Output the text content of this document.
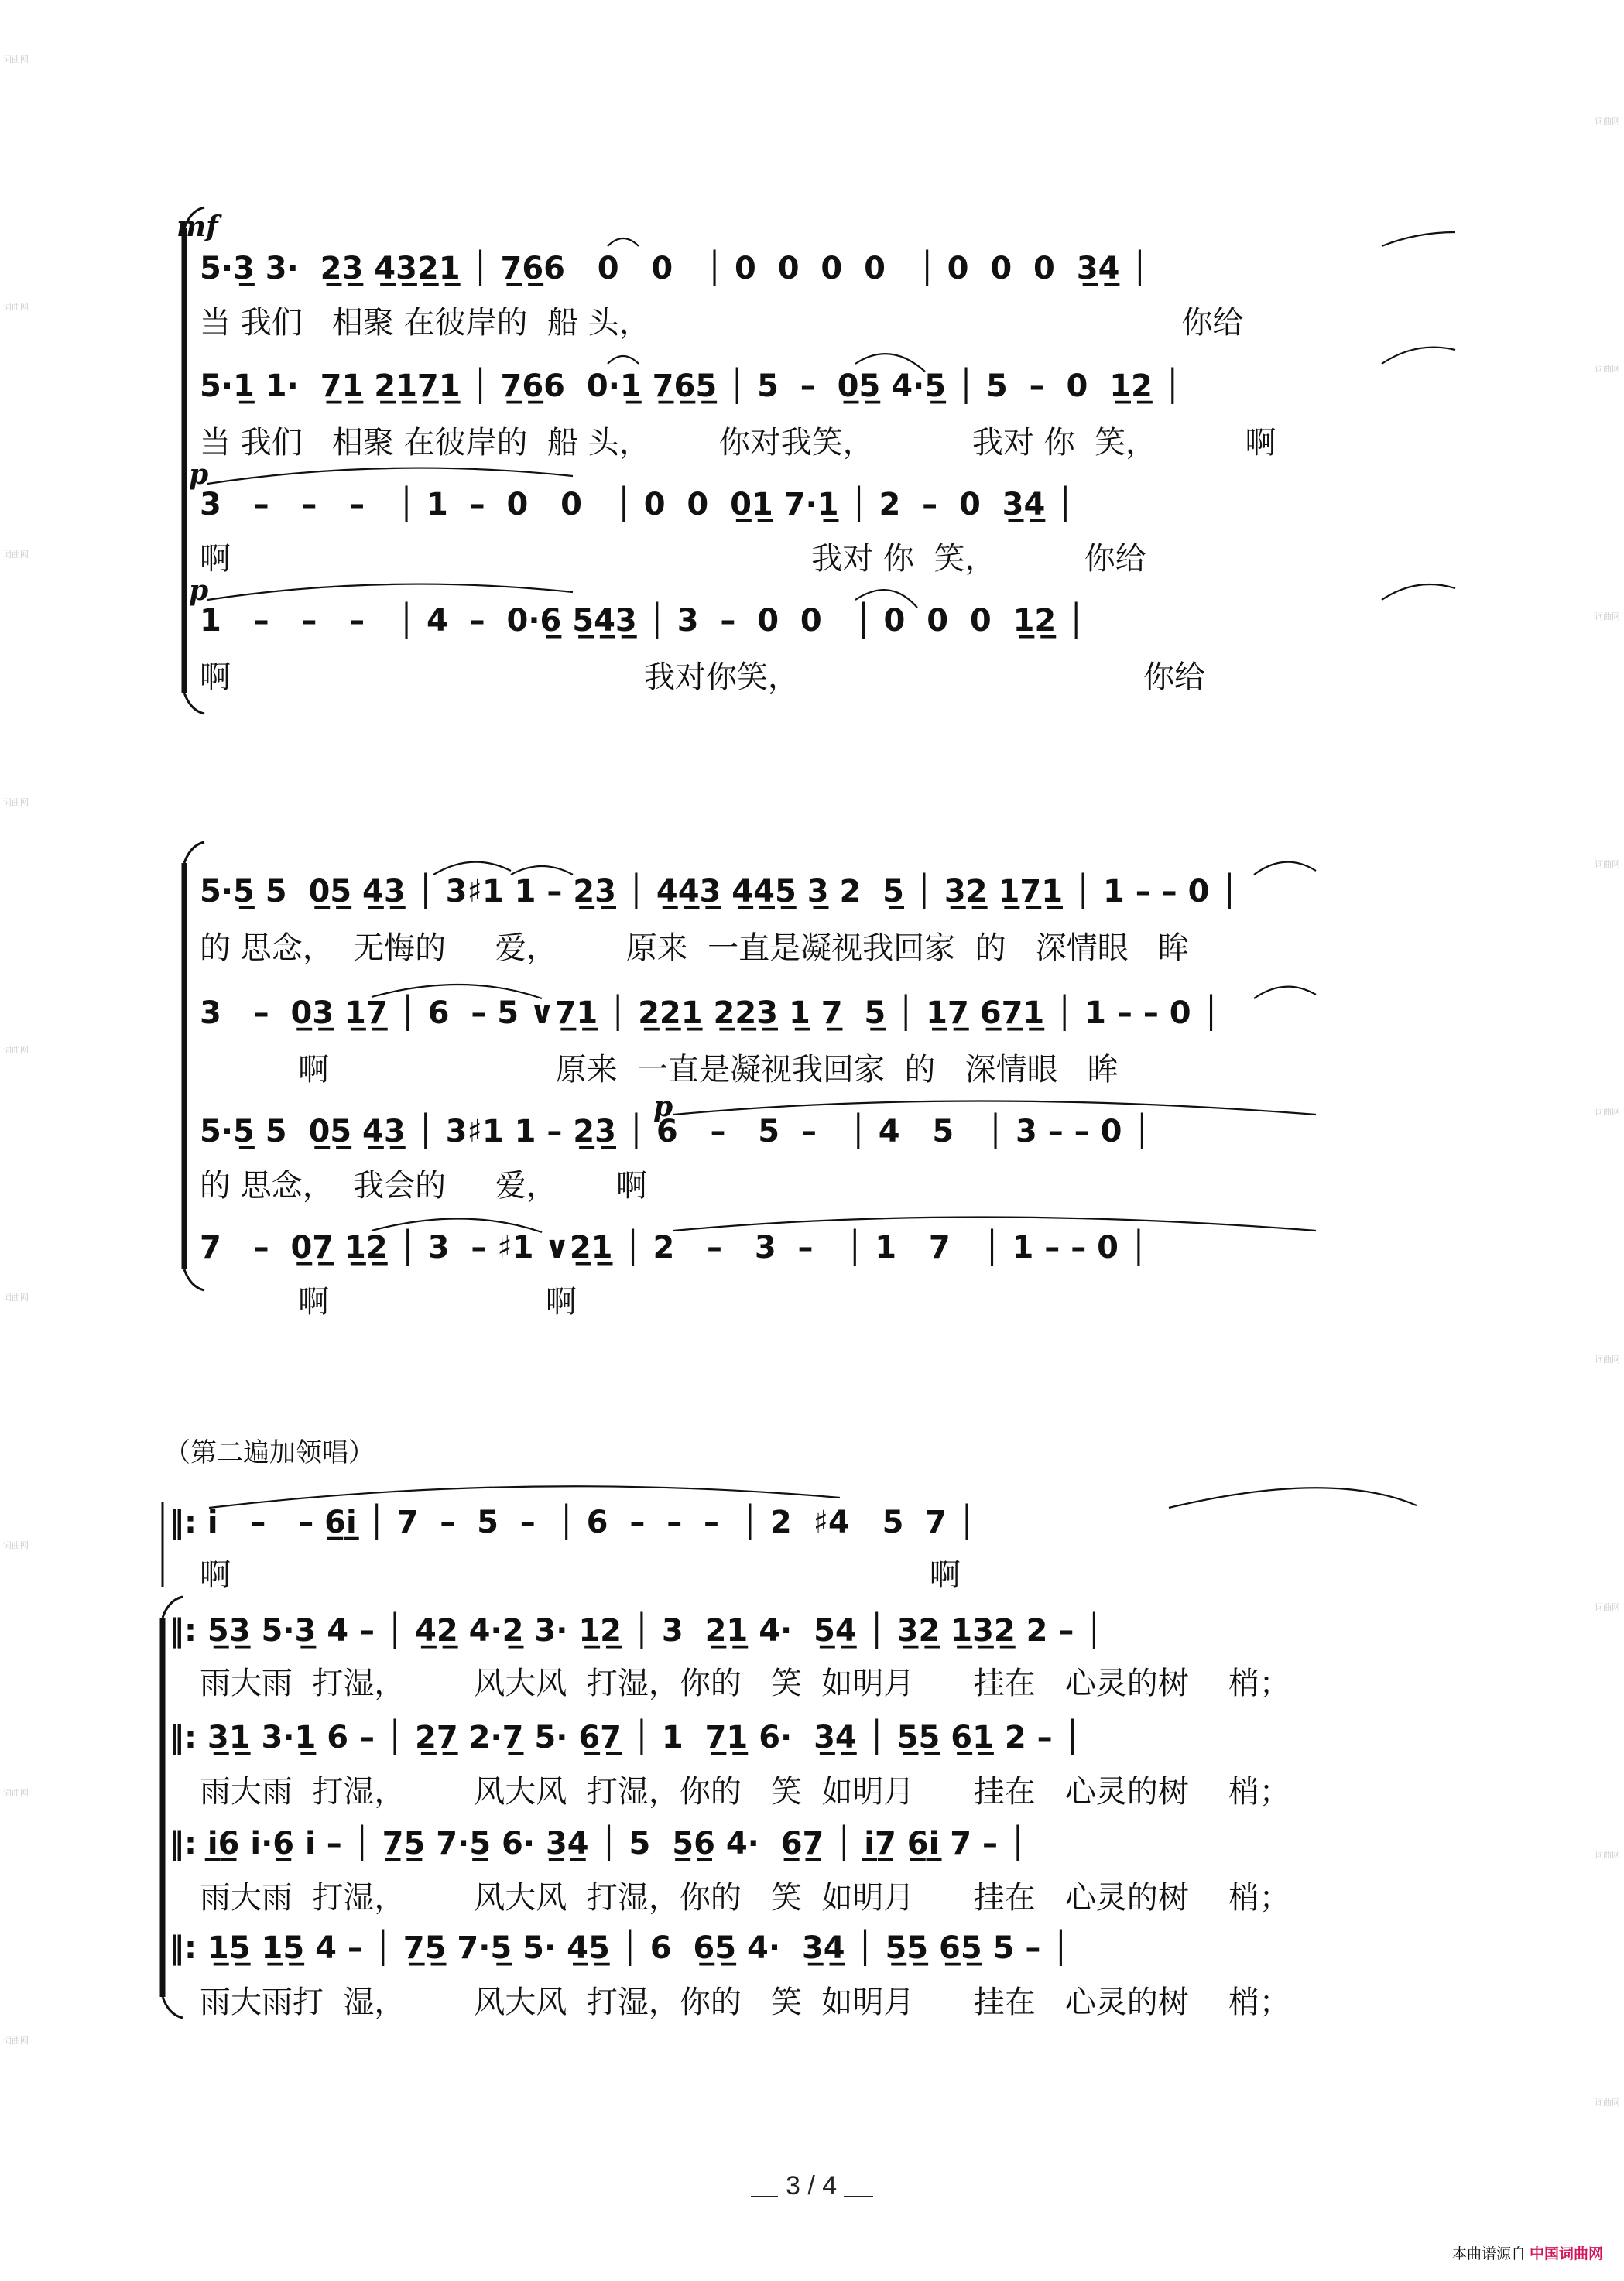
词曲网
词曲网
词曲网
词曲网
词曲网
词曲网
词曲网
词曲网
词曲网
词曲网
词曲网
词曲网
词曲网
词曲网
词曲网
词曲网
词曲网
词曲网
mf
5·3̲ 3·  2̲3̲ 4̲3̲2̲1̲ │ 7̲6̲6   0   0   │ 0  0  0  0   │ 0  0  0  3̲4̲ │
当 我们   相聚 在彼岸的  船 头，                                                      你给
5·1̲ 1·  7̲1̲ 2̲1̲7̲1̲ │ 7̲6̲6  0·1̲ 7̲6̲5̲ │ 5  –  0̲5̲ 4·5̲ │ 5  –  0  1̲2̲ │
当 我们   相聚 在彼岸的  船 头，       你对我笑，          我对 你  笑，         啊
p
3   –   –   –   │ 1  –  0   0   │ 0  0  0̲1̲ 7·1̲ │ 2  –  0  3̲4̲ │
啊                                                           我对 你  笑，         你给
p
1   –   –   –   │ 4  –  0·6̲ 5̲4̲3̲ │ 3  –  0  0   │ 0  0  0  1̲2̲ │
啊                                          我对你笑，                                   你给
5·5̲ 5  0̲5̲ 4̲3̲ │ 3♯1 1 – 2̲3̲ │ 4̲4̲3̲ 4̲4̲5̲ 3̲ 2  5̲ │ 3̲2̲ 1̲7̲1̲ │ 1 – – 0 │
的 思念，  无悔的     爱，       原来  一直是凝视我回家  的   深情眼   眸
3   –  0̲3̲ 1̲7̲ │ 6  – 5 ∨7̲1̲ │ 2̲2̲1̲ 2̲2̲3̲ 1̲ 7̲  5̲ │ 1̲7̲ 6̲7̲1̲ │ 1 – – 0 │
啊                       原来  一直是凝视我回家  的   深情眼   眸
p
5·5̲ 5  0̲5̲ 4̲3̲ │ 3♯1 1 – 2̲3̲ │ 6   –   5  –   │ 4   5   │ 3 – – 0 │
的 思念，  我会的     爱，      啊
7   –  0̲7̲ 1̲2̲ │ 3  – ♯1 ∨2̲1̲ │ 2   –   3  –   │ 1   7   │ 1 – – 0 │
啊                      啊
（第二遍加领唱）
‖: i   –   – 6̲i̲ │ 7  –  5  –  │ 6  –  –  –  │ 2  ♯4   5  7 │
啊                                                                       啊
‖: 5̲3̲ 5·3̲ 4 – │ 4̲2̲ 4·2̲ 3· 1̲2̲ │ 3  2̲1̲ 4·  5̲4̲ │ 3̲2̲ 1̲3̲2̲ 2 – │
雨大雨  打湿，       风大风  打湿，你的   笑  如明月      挂在   心灵的树    梢；
‖: 3̲1̲ 3·1̲ 6 – │ 2̲7̲ 2·7̲ 5· 6̲7̲ │ 1  7̲1̲ 6·  3̲4̲ │ 5̲5̲ 6̲1̲ 2 – │
雨大雨  打湿，       风大风  打湿，你的   笑  如明月      挂在   心灵的树    梢；
‖: i̲6̲ i·6̲ i – │ 7̲5̲ 7·5̲ 6· 3̲4̲ │ 5  5̲6̲ 4·  6̲7̲ │ i̲7̲ 6̲i̲ 7 – │
雨大雨  打湿，       风大风  打湿，你的   笑  如明月      挂在   心灵的树    梢；
‖: 1̲5̲ 1̲5̲ 4 – │ 7̲5̲ 7·5̲ 5· 4̲5̲ │ 6  6̲5̲ 4·  3̲4̲ │ 5̲5̲ 6̲5̲ 5 – │
雨大雨打  湿，       风大风  打湿，你的   笑  如明月      挂在   心灵的树    梢；
3 / 4
本曲谱源自 中国词曲网
